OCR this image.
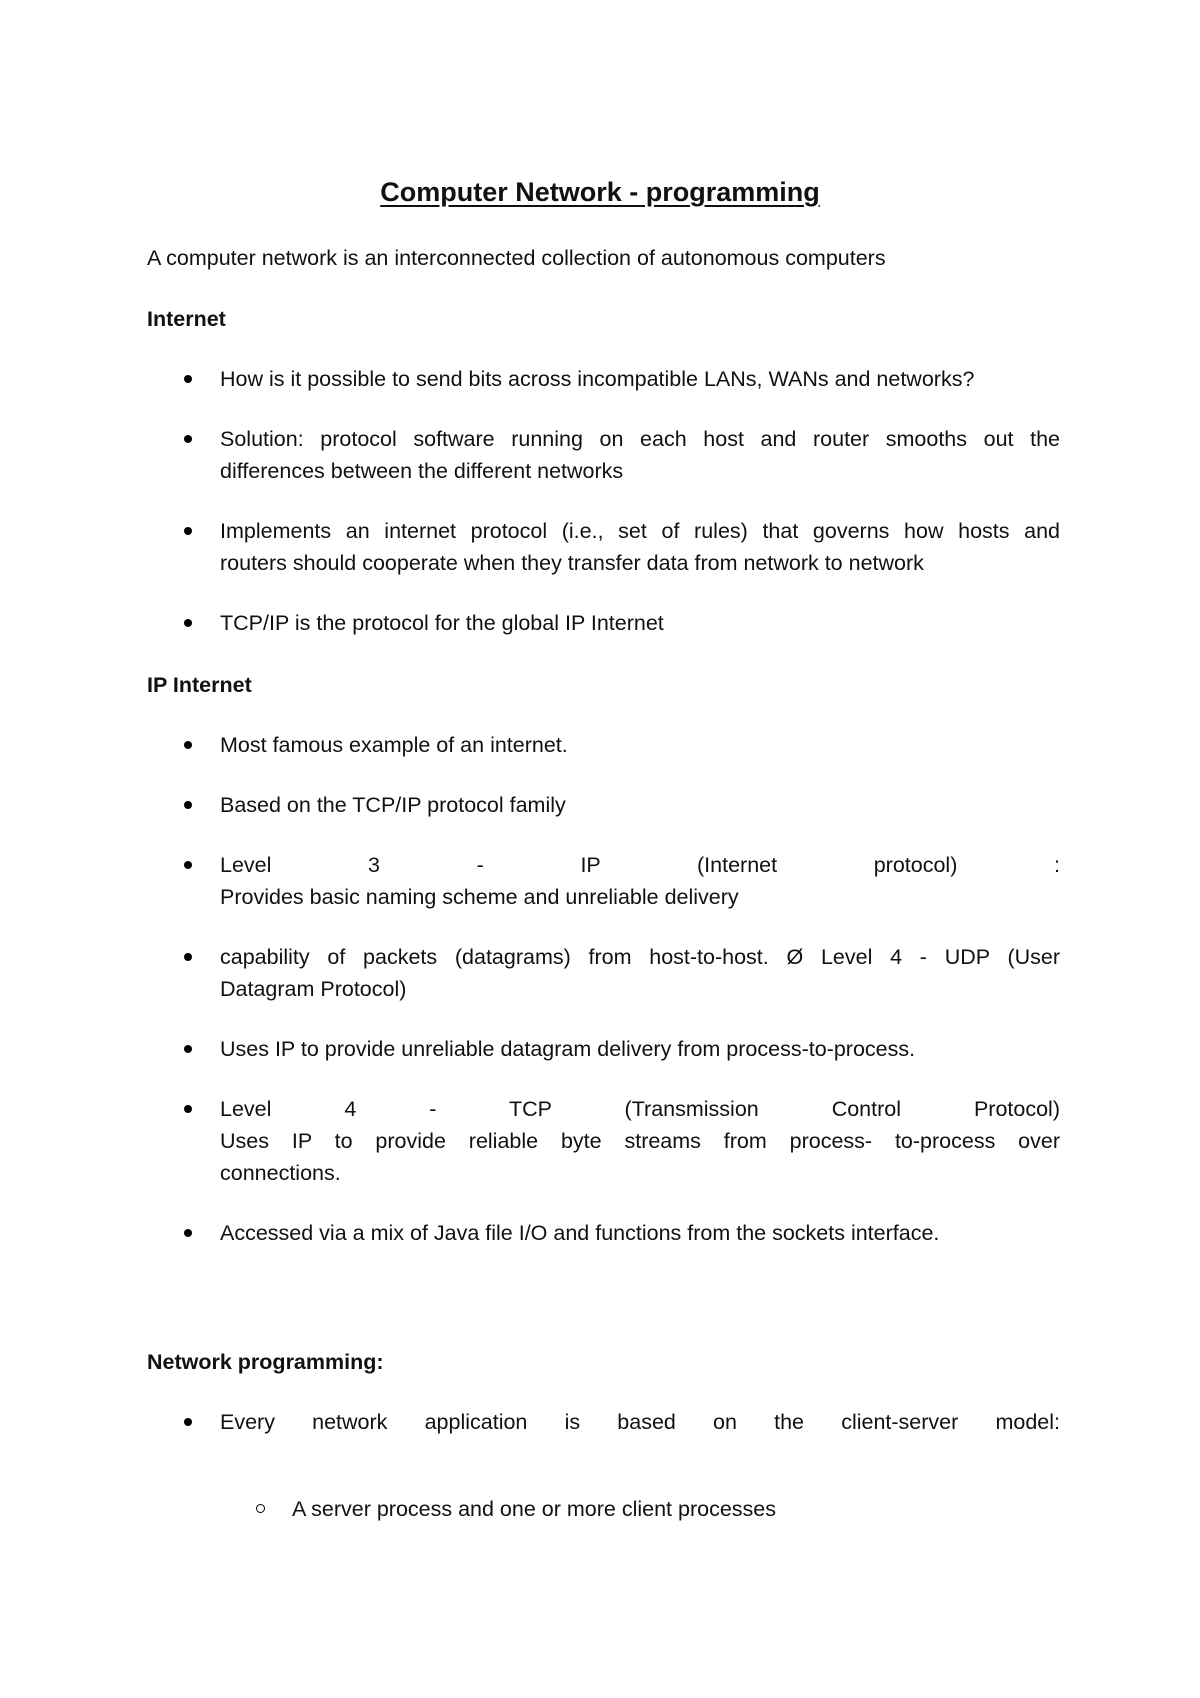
Computer Network - programming

A computer network is an interconnected collection of autonomous computers

Internet
How is it possible to send bits across incompatible LANs, WANs and networks?
Solution: protocol software running on each host and router smooths out the
differences between the different networks
Implements an internet protocol (i.e., set of rules) that governs how hosts and
routers should cooperate when they transfer data from network to network
TCP/IP is the protocol for the global IP Internet
IP Internet
Most famous example of an internet.
Based on the TCP/IP protocol family
Level 3 - IP (Internet protocol) :
Provides basic naming scheme and unreliable delivery
capability of packets (datagrams) from host-to-host. Ø Level 4 - UDP (User
Datagram Protocol)
Uses IP to provide unreliable datagram delivery from process-to-process.
Level 4 - TCP (Transmission Control Protocol)
Uses IP to provide reliable byte streams from process- to-process over
connections.
Accessed via a mix of Java file I/O and functions from the sockets interface.
Network programming:
Every network application is based on the client-server model:
A server process and one or more client processes
